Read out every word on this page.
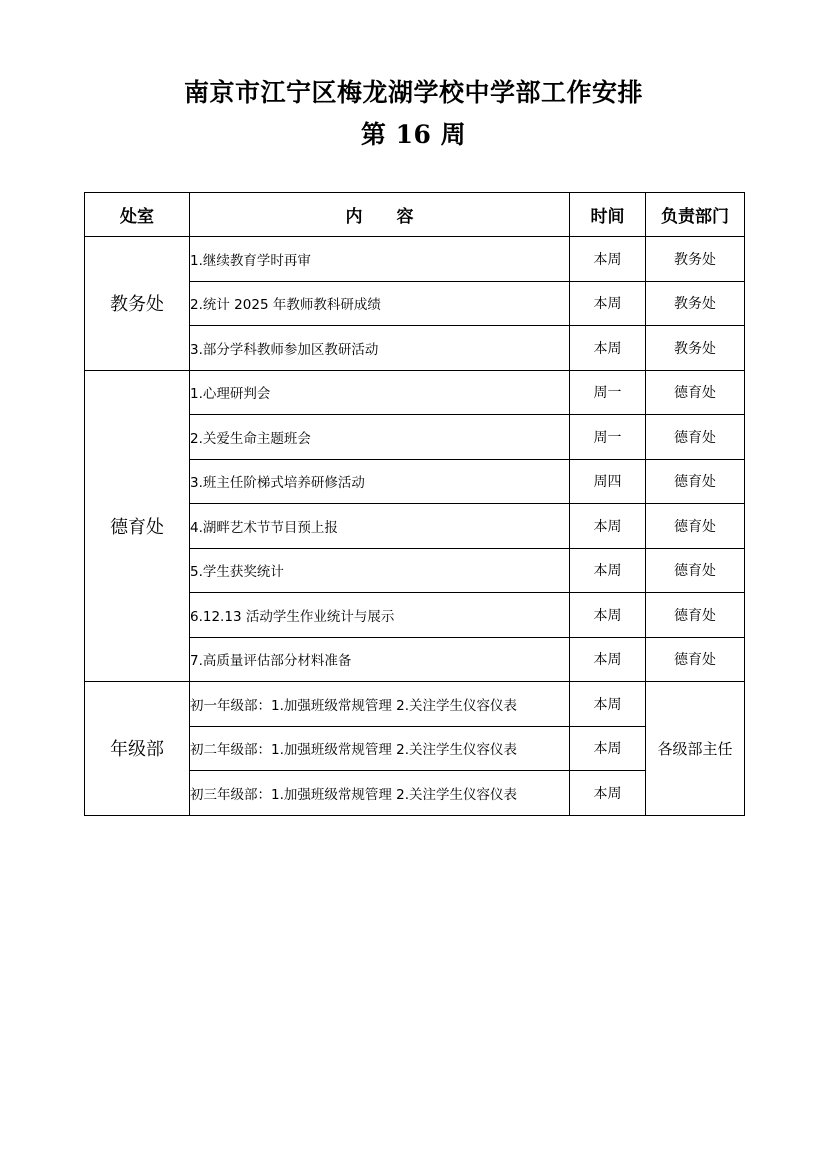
南京市江宁区梅龙湖学校中学部工作安排
第 16 周
处室	内　　容	时间	负责部门
教务处	1.继续教育学时再审	本周	教务处
	2.统计 2025 年教师教科研成绩	本周	教务处
	3.部分学科教师参加区教研活动	本周	教务处
德育处	1.心理研判会	周一	德育处
	2.关爱生命主题班会	周一	德育处
	3.班主任阶梯式培养研修活动	周四	德育处
	4.湖畔艺术节节目预上报	本周	德育处
	5.学生获奖统计	本周	德育处
	6.12.13 活动学生作业统计与展示	本周	德育处
	7.高质量评估部分材料准备	本周	德育处
年级部	初一年级部：1.加强班级常规管理 2.关注学生仪容仪表	本周	各级部主任
	初二年级部：1.加强班级常规管理 2.关注学生仪容仪表	本周	
	初三年级部：1.加强班级常规管理 2.关注学生仪容仪表	本周	
